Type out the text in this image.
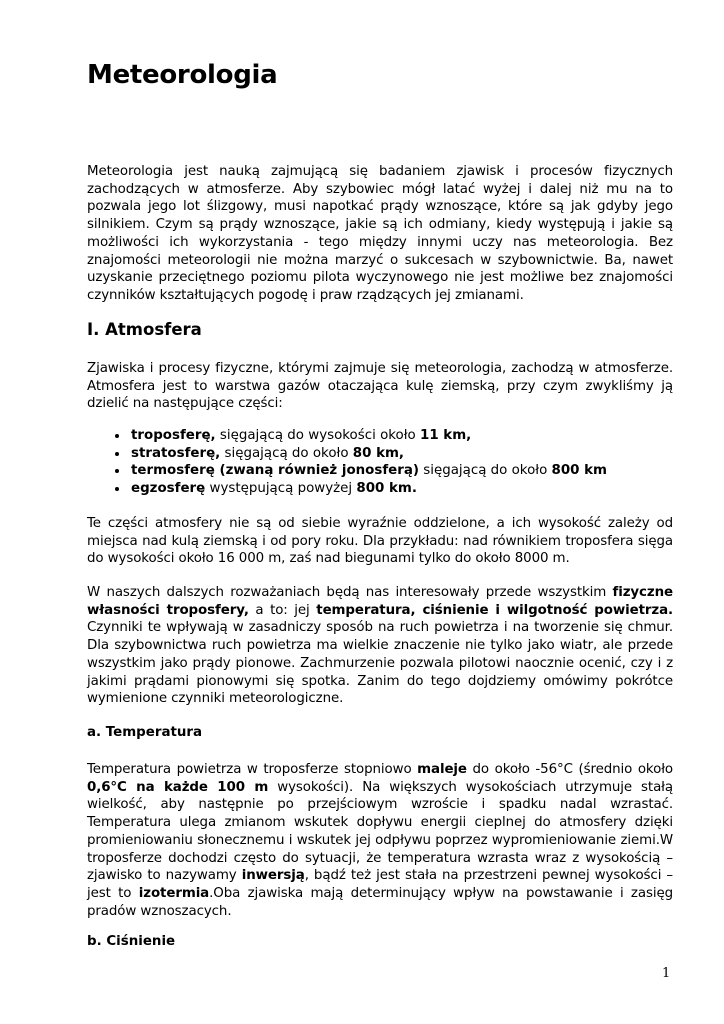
Meteorologia

Meteorologia jest nauką zajmującą się badaniem zjawisk i procesów fizycznych zachodzących w atmosferze. Aby szybowiec mógł latać wyżej i dalej niż mu na to pozwala jego lot ślizgowy, musi napotkać prądy wznoszące, które są jak gdyby jego silnikiem. Czym są prądy wznoszące, jakie są ich odmiany, kiedy występują i jakie są możliwości ich wykorzystania - tego między innymi uczy nas meteorologia. Bez znajomości meteorologii nie można marzyć o sukcesach w szybownictwie. Ba, nawet uzyskanie przeciętnego poziomu pilota wyczynowego nie jest możliwe bez znajomości czynników kształtujących pogodę i praw rządzących jej zmianami.

I. Atmosfera

Zjawiska i procesy fizyczne, którymi zajmuje się meteorologia, zachodzą w atmosferze. Atmosfera jest to warstwa gazów otaczająca kulę ziemską, przy czym zwykliśmy ją dzielić na następujące części:

• troposferę, sięgającą do wysokości około 11 km,
• stratosferę, sięgającą do około 80 km,
• termosferę (zwaną również jonosferą) sięgającą do około 800 km
• egzosferę występującą powyżej 800 km.

Te części atmosfery nie są od siebie wyraźnie oddzielone, a ich wysokość zależy od miejsca nad kulą ziemską i od pory roku. Dla przykładu: nad równikiem troposfera sięga do wysokości około 16 000 m, zaś nad biegunami tylko do około 8000 m.

W naszych dalszych rozważaniach będą nas interesowały przede wszystkim fizyczne własności troposfery, a to: jej temperatura, ciśnienie i wilgotność powietrza. Czynniki te wpływają w zasadniczy sposób na ruch powietrza i na tworzenie się chmur. Dla szybownictwa ruch powietrza ma wielkie znaczenie nie tylko jako wiatr, ale przede wszystkim jako prądy pionowe. Zachmurzenie pozwala pilotowi naocznie ocenić, czy i z jakimi prądami pionowymi się spotka. Zanim do tego dojdziemy omówimy pokrótce wymienione czynniki meteorologiczne.

a. Temperatura

Temperatura powietrza w troposferze stopniowo maleje do około -56°C (średnio około 0,6°C na każde 100 m wysokości). Na większych wysokościach utrzymuje stałą wielkość, aby następnie po przejściowym wzroście i spadku nadal wzrastać. Temperatura ulega zmianom wskutek dopływu energii cieplnej do atmosfery dzięki promieniowaniu słonecznemu i wskutek jej odpływu poprzez wypromieniowanie ziemi.W troposferze dochodzi często do sytuacji, że temperatura wzrasta wraz z wysokością –zjawisko to nazywamy inwersją, bądź też jest stała na przestrzeni pewnej wysokości –jest to izotermia.Oba zjawiska mają determinujący wpływ na powstawanie i zasięg pradów wznoszacych.

b. Ciśnienie
1
